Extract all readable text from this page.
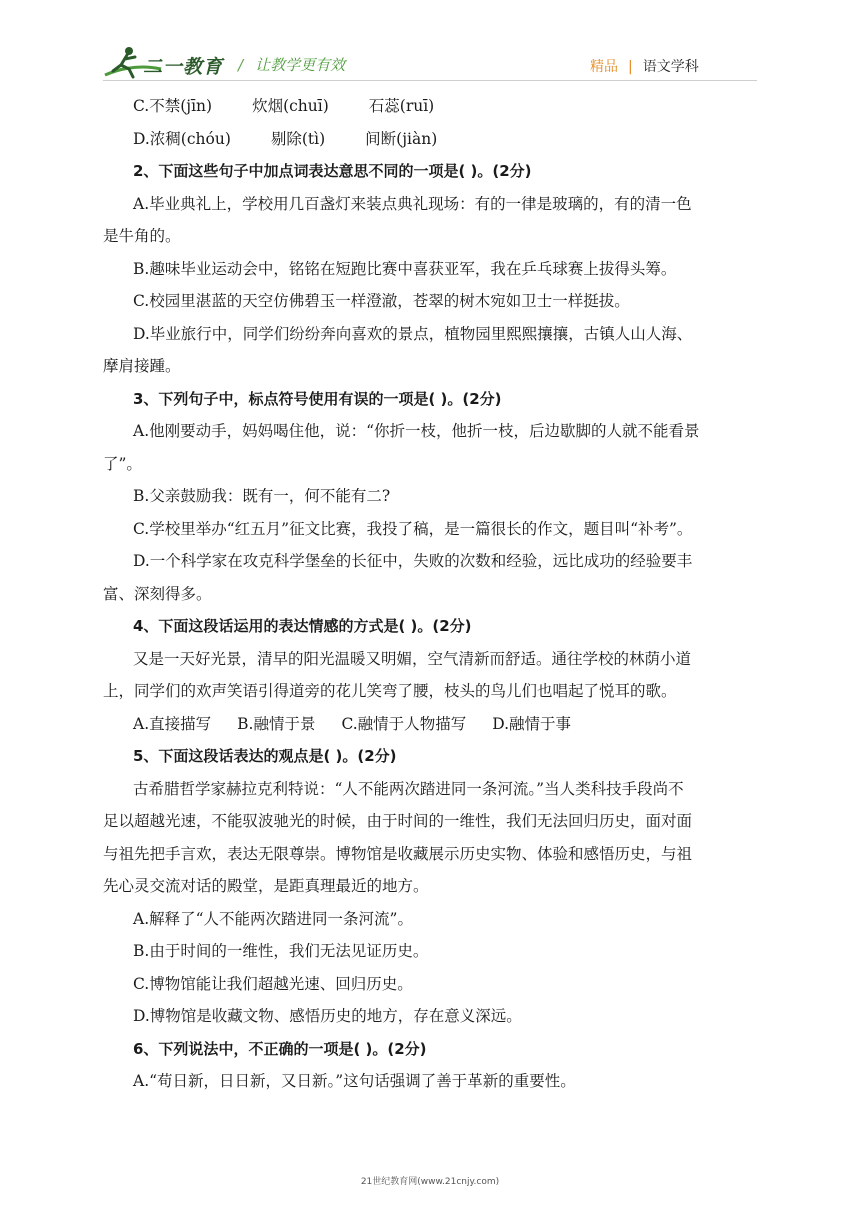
二一教育 / 让教学更有效	精品 | 语文学科
C.不禁(jīn)	炊烟(chuī)	石蕊(ruī)
D.浓稠(chóu)	剔除(tì)	间断(jiàn)
2、下面这些句子中加点词表达意思不同的一项是( )。(2分)
A.毕业典礼上，学校用几百盏灯来装点典礼现场：有的一律是玻璃的，有的清一色
是牛角的。
B.趣味毕业运动会中，铭铭在短跑比赛中喜获亚军，我在乒乓球赛上拔得头筹。
C.校园里湛蓝的天空仿佛碧玉一样澄澈，苍翠的树木宛如卫士一样挺拔。
D.毕业旅行中，同学们纷纷奔向喜欢的景点，植物园里熙熙攘攘，古镇人山人海、
摩肩接踵。
3、下列句子中，标点符号使用有误的一项是( )。(2分)
A.他刚要动手，妈妈喝住他，说：“你折一枝，他折一枝，后边歇脚的人就不能看景
了”。
B.父亲鼓励我：既有一，何不能有二?
C.学校里举办“红五月”征文比赛，我投了稿，是一篇很长的作文，题目叫“补考”。
D.一个科学家在攻克科学堡垒的长征中，失败的次数和经验，远比成功的经验要丰
富、深刻得多。
4、下面这段话运用的表达情感的方式是( )。(2分)
又是一天好光景，清早的阳光温暖又明媚，空气清新而舒适。通往学校的林荫小道
上，同学们的欢声笑语引得道旁的花儿笑弯了腰，枝头的鸟儿们也唱起了悦耳的歌。
A.直接描写 B.融情于景 C.融情于人物描写 D.融情于事
5、下面这段话表达的观点是( )。(2分)
古希腊哲学家赫拉克利特说：“人不能两次踏进同一条河流。”当人类科技手段尚不
足以超越光速，不能驭波驰光的时候，由于时间的一维性，我们无法回归历史，面对面
与祖先把手言欢，表达无限尊崇。博物馆是收藏展示历史实物、体验和感悟历史，与祖
先心灵交流对话的殿堂，是距真理最近的地方。
A.解释了“人不能两次踏进同一条河流”。
B.由于时间的一维性，我们无法见证历史。
C.博物馆能让我们超越光速、回归历史。
D.博物馆是收藏文物、感悟历史的地方，存在意义深远。
6、下列说法中，不正确的一项是( )。(2分)
A.“苟日新，日日新，又日新。”这句话强调了善于革新的重要性。
21世纪教育网(www.21cnjy.com)
